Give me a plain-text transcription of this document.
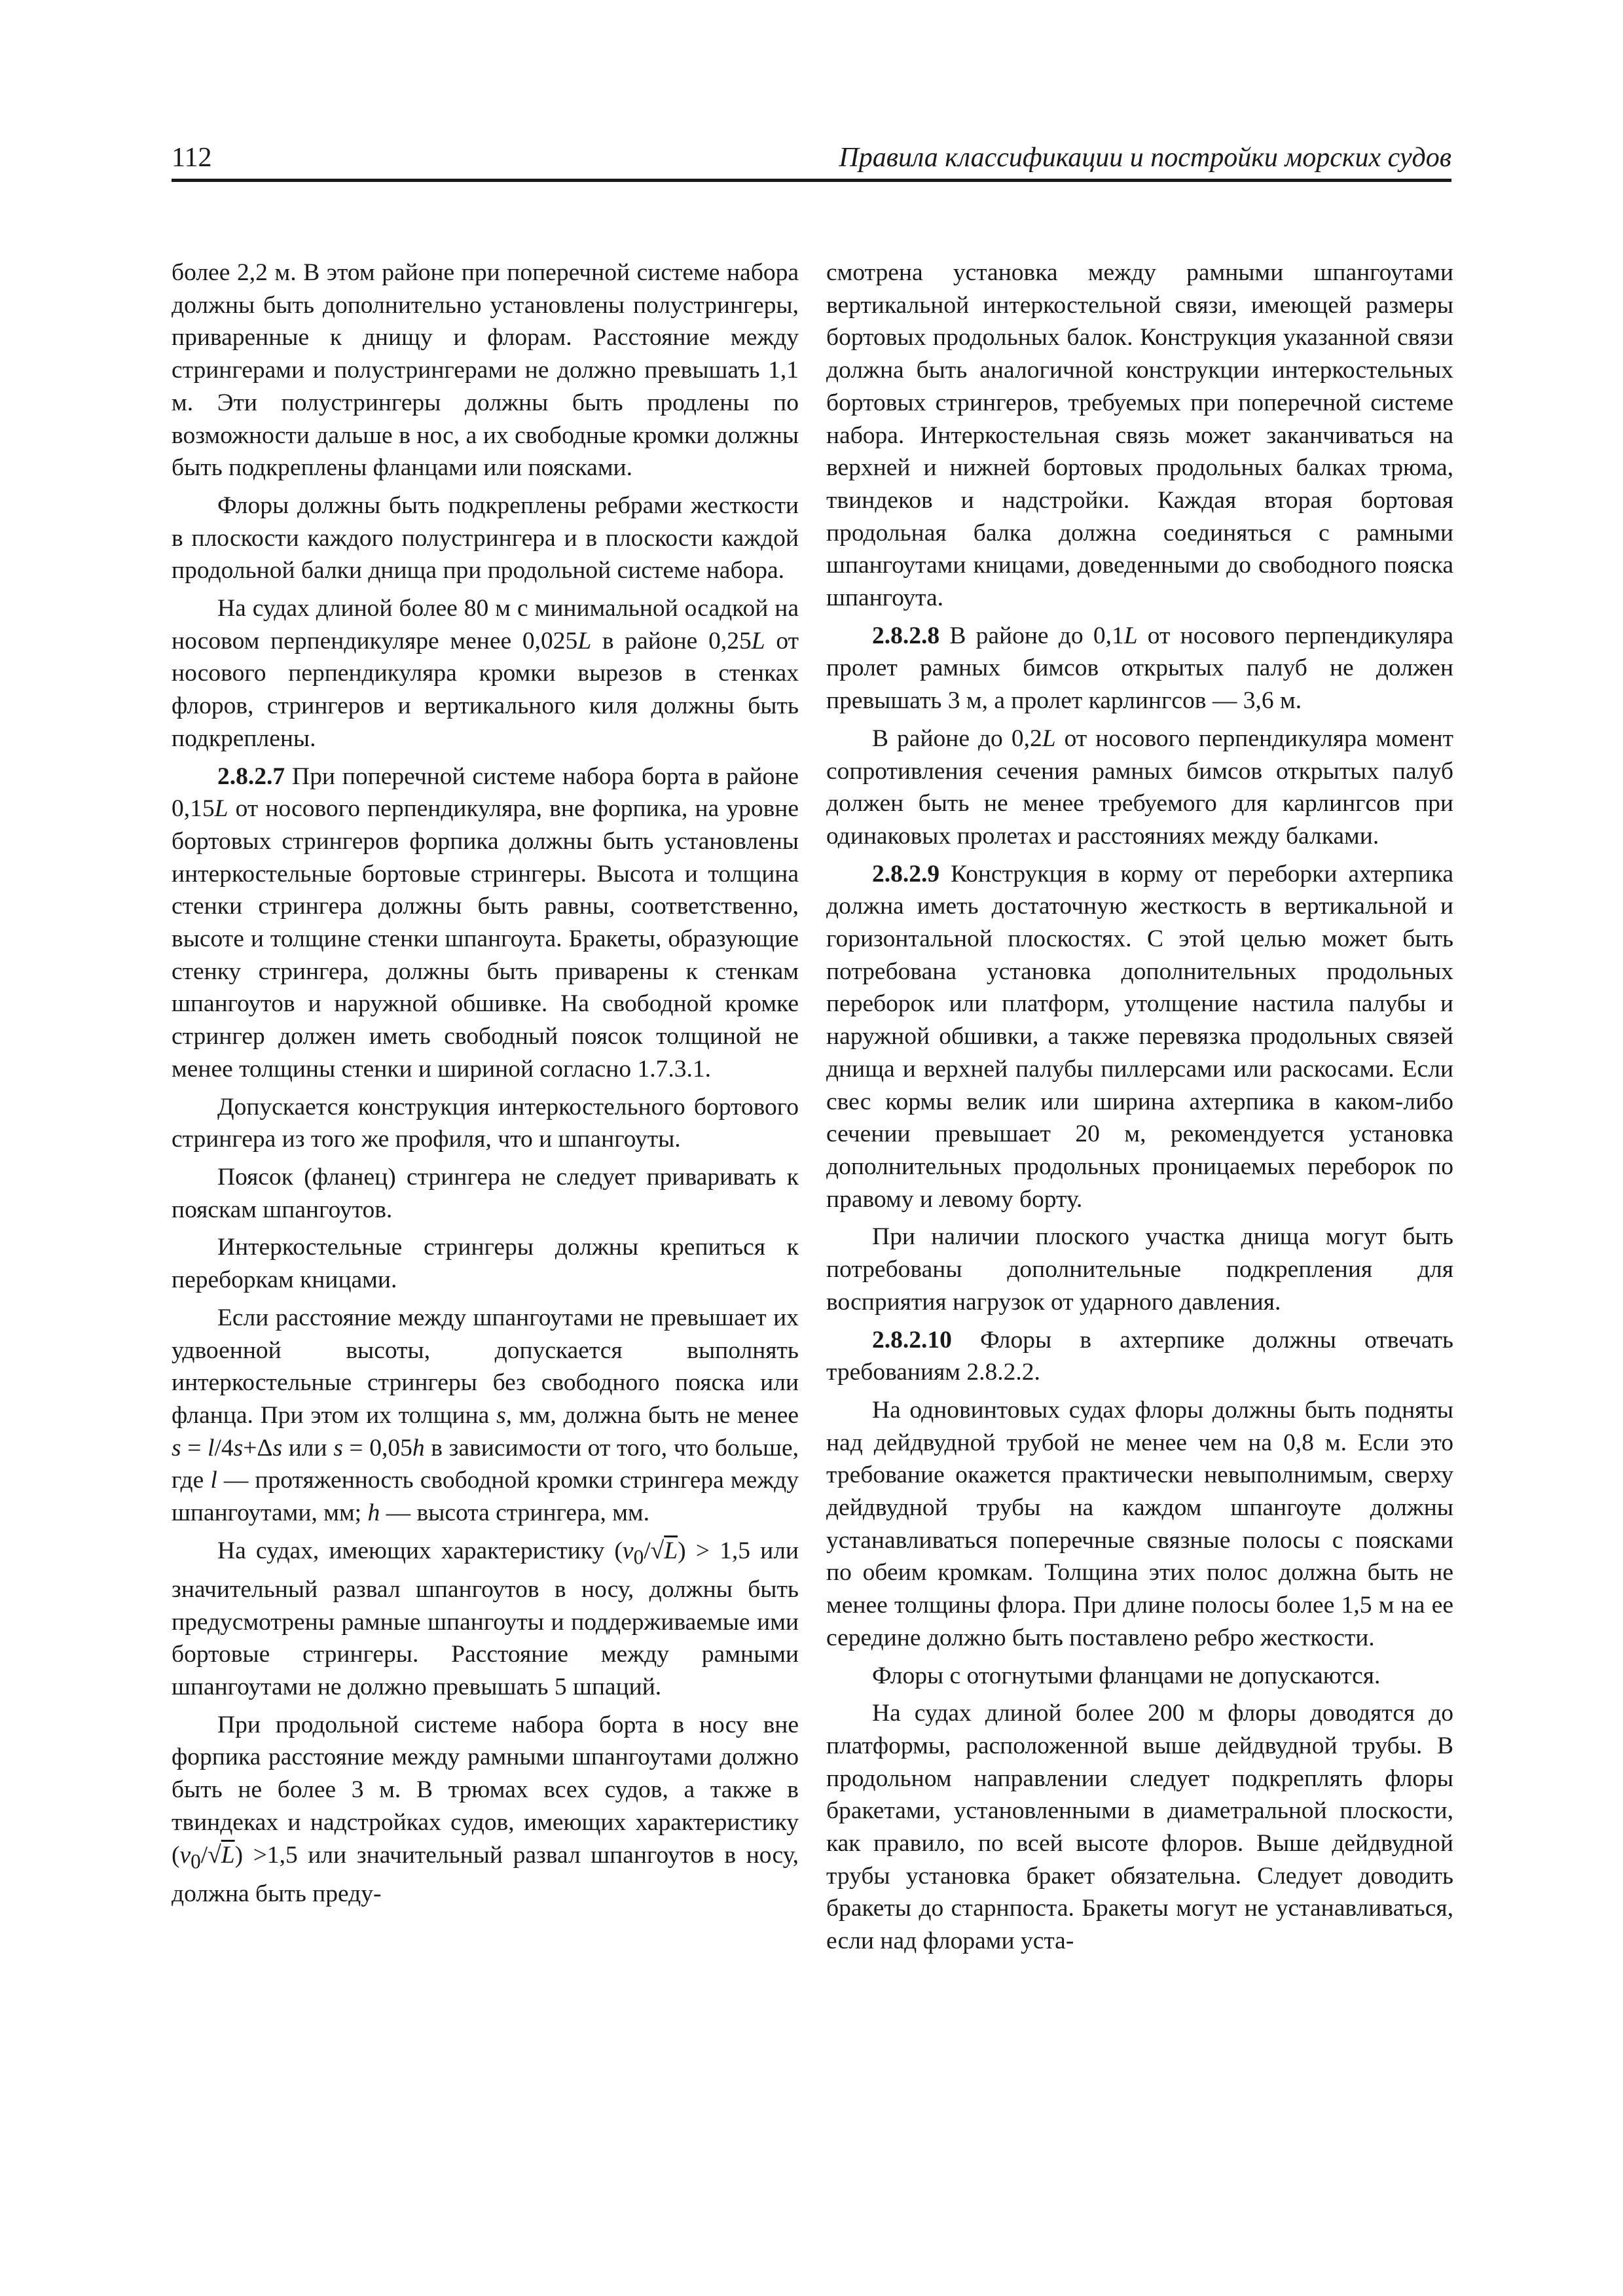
112	Правила классификации и постройки морских судов

более 2,2 м. В этом районе при поперечной системе набора должны быть дополнительно установлены полустрингеры, приваренные к днищу и флорам. Расстояние между стрингерами и полустрингерами не должно превышать 1,1 м. Эти полустрингеры должны быть продлены по возможности дальше в нос, а их свободные кромки должны быть подкреплены фланцами или поясками.

Флоры должны быть подкреплены ребрами жесткости в плоскости каждого полустрингера и в плоскости каждой продольной балки днища при продольной системе набора.

На судах длиной более 80 м с минимальной осадкой на носовом перпендикуляре менее 0,025L в районе 0,25L от носового перпендикуляра кромки вырезов в стенках флоров, стрингеров и вертикального киля должны быть подкреплены.

2.8.2.7 При поперечной системе набора борта в районе 0,15L от носового перпендикуляра, вне форпика, на уровне бортовых стрингеров форпика должны быть установлены интеркостельные бортовые стрингеры. Высота и толщина стенки стрингера должны быть равны, соответственно, высоте и толщине стенки шпангоута. Бракеты, образующие стенку стрингера, должны быть приварены к стенкам шпангоутов и наружной обшивке. На свободной кромке стрингер должен иметь свободный поясок толщиной не менее толщины стенки и шириной согласно 1.7.3.1.

Допускается конструкция интеркостельного бортового стрингера из того же профиля, что и шпангоуты.

Поясок (фланец) стрингера не следует приваривать к пояскам шпангоутов.

Интеркостельные стрингеры должны крепиться к переборкам кницами.

Если расстояние между шпангоутами не превышает их удвоенной высоты, допускается выполнять интеркостельные стрингеры без свободного пояска или фланца. При этом их толщина s, мм, должна быть не менее s = l/4s+Δs или s = 0,05h в зависимости от того, что больше, где l — протяженность свободной кромки стрингера между шпангоутами, мм; h — высота стрингера, мм.

На судах, имеющих характеристику $(v_0/√L) > 1,5$ или значительный развал шпангоутов в носу, должны быть предусмотрены рамные шпангоуты и поддерживаемые ими бортовые стрингеры. Расстояние между рамными шпангоутами не должно превышать 5 шпаций.

При продольной системе набора борта в носу вне форпика расстояние между рамными шпангоутами должно быть не более 3 м. В трюмах всех судов, а также в твиндеках и надстройках судов, имеющих характеристику $(v_0/√L) >1,5$ или значительный развал шпангоутов в носу, должна быть преду-

смотрена установка между рамными шпангоутами вертикальной интеркостельной связи, имеющей размеры бортовых продольных балок. Конструкция указанной связи должна быть аналогичной конструкции интеркостельных бортовых стрингеров, требуемых при поперечной системе набора. Интеркостельная связь может заканчиваться на верхней и нижней бортовых продольных балках трюма, твиндеков и надстройки. Каждая вторая бортовая продольная балка должна соединяться с рамными шпангоутами кницами, доведенными до свободного пояска шпангоута.

2.8.2.8 В районе до 0,1L от носового перпендикуляра пролет рамных бимсов открытых палуб не должен превышать 3 м, а пролет карлингсов — 3,6 м.

В районе до 0,2L от носового перпендикуляра момент сопротивления сечения рамных бимсов открытых палуб должен быть не менее требуемого для карлингсов при одинаковых пролетах и расстояниях между балками.

2.8.2.9 Конструкция в корму от переборки ахтерпика должна иметь достаточную жесткость в вертикальной и горизонтальной плоскостях. С этой целью может быть потребована установка дополнительных продольных переборок или платформ, утолщение настила палубы и наружной обшивки, а также перевязка продольных связей днища и верхней палубы пиллерсами или раскосами. Если свес кормы велик или ширина ахтерпика в каком-либо сечении превышает 20 м, рекомендуется установка дополнительных продольных проницаемых переборок по правому и левому борту.

При наличии плоского участка днища могут быть потребованы дополнительные подкрепления для восприятия нагрузок от ударного давления.

2.8.2.10 Флоры в ахтерпике должны отвечать требованиям 2.8.2.2.

На одновинтовых судах флоры должны быть подняты над дейдвудной трубой не менее чем на 0,8 м. Если это требование окажется практически невыполнимым, сверху дейдвудной трубы на каждом шпангоуте должны устанавливаться поперечные связные полосы с поясками по обеим кромкам. Толщина этих полос должна быть не менее толщины флора. При длине полосы более 1,5 м на ее середине должно быть поставлено ребро жесткости.

Флоры с отогнутыми фланцами не допускаются.

На судах длиной более 200 м флоры доводятся до платформы, расположенной выше дейдвудной трубы. В продольном направлении следует подкреплять флоры бракетами, установленными в диаметральной плоскости, как правило, по всей высоте флоров. Выше дейдвудной трубы установка бракет обязательна. Следует доводить бракеты до старнпоста. Бракеты могут не устанавливаться, если над флорами уста-
